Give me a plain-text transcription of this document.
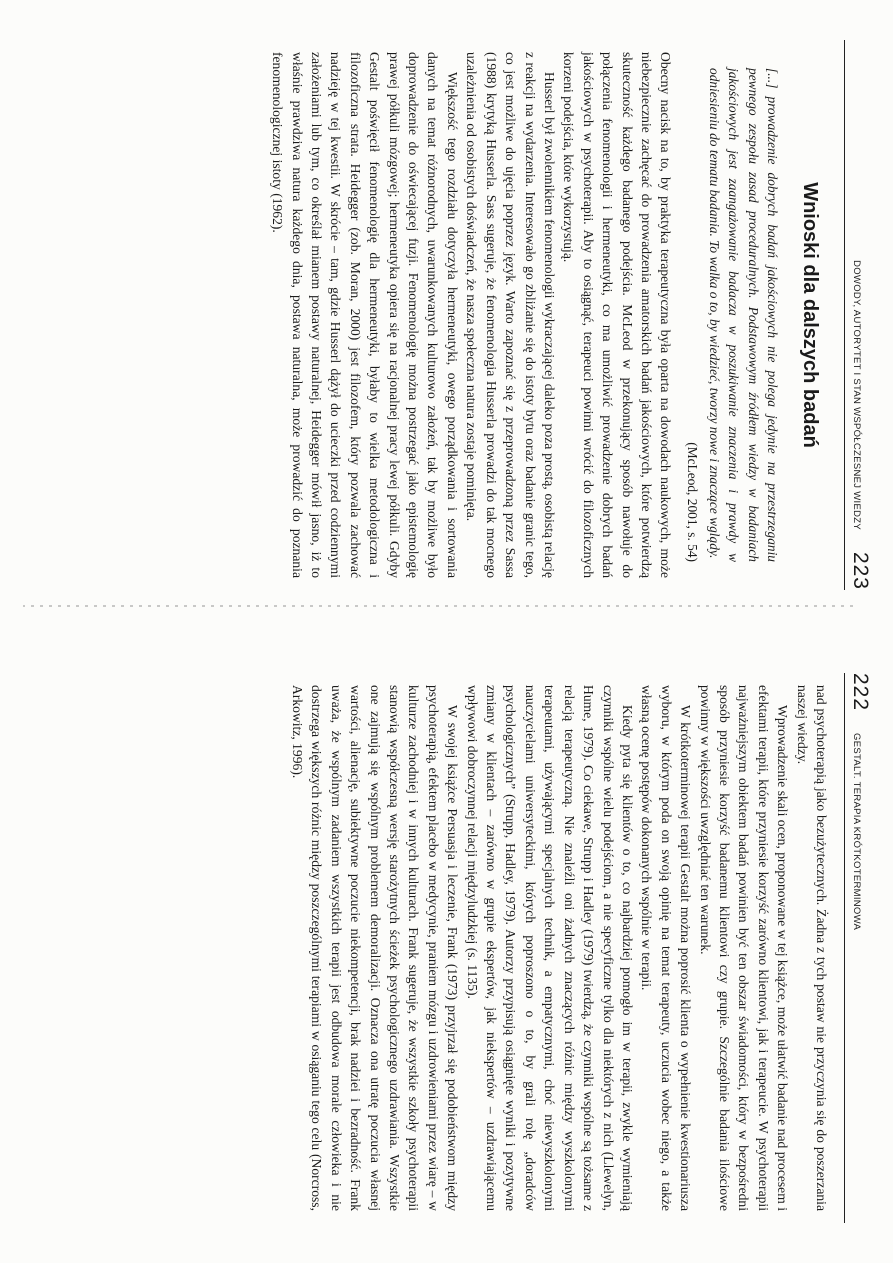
DOWODY, AUTORYTET I STAN WSPÓŁCZESNEJ WIEDZY
223
Wnioski dla dalszych badań
[...] prowadzenie dobrych badań jakościowych nie polega jedynie na przestrzeganiu pewnego zespołu zasad proceduralnych. Podstawowym źródłem wiedzy w badaniach jakościowych jest zaangażowanie badacza w poszukiwanie znaczenia i prawdy w odniesieniu do tematu badania. To walka o to, by wiedzieć, tworzy nowe i znaczące wglądy.
(McLeod, 2001, s. 54)

Obecny nacisk na to, by praktyka terapeutyczna była oparta na dowodach naukowych, może niebezpiecznie zachęcać do prowadzenia amatorskich badań jakościowych, które potwierdzą skuteczność każdego badanego podejścia. McLeod w przekonujący sposób nawołuje do połączenia fenomenologii i hermeneutyki, co ma umożliwić prowadzenie dobrych badań jakościowych w psychoterapii. Aby to osiągnąć, terapeuci powinni wrócić do filozoficznych korzeni podejścia, które wykorzystują.

Husserl był zwolennikiem fenomenologii wykraczającej daleko poza prostą, osobistą relację z reakcji na wydarzenia. Interesowało go zbliżanie się do istoty bytu oraz badanie granic tego, co jest możliwe do ujęcia poprzez język. Warto zapoznać się z przeprowadzoną przez Sassa (1988) krytyką Husserla. Sass sugeruje, że fenomenologia Husserla prowadzi do tak mocnego uzależnienia od osobistych doświadczeń, że nasza społeczna natura zostaje pominięta.

Większość tego rozdziału dotyczyła hermeneutyki, owego porządkowania i sortowania danych na temat różnorodnych, uwarunkowanych kulturowo założeń, tak by możliwe było doprowadzenie do oświecającej fuzji. Fenomenologię można postrzegać jako epistemologię prawej półkuli mózgowej; hermeneutyka opiera się na racjonalnej pracy lewej półkuli. Gdyby Gestalt poświęcił fenomenologię dla hermeneutyki, byłaby to wielka metodologiczna i filozoficzna strata. Heidegger (zob. Moran, 2000) jest filozofem, który pozwala zachować nadzieję w tej kwestii. W skrócie – tam, gdzie Husserl dążył do ucieczki przed codziennymi założeniami lub tym, co określał mianem postawy naturalnej, Heidegger mówił jasno, iż to właśnie prawdziwa natura każdego dnia, postawa naturalna, może prowadzić do poznania fenomenologicznej istoty (1962).

222
GESTALT. TERAPIA KRÓTKOTERMINOWA

nad psychoterapią jako bezużytecznych. Żadna z tych postaw nie przyczynia się do poszerzania naszej wiedzy.

Wprowadzenie skali ocen, proponowane w tej książce, może ułatwić badanie nad procesem i efektami terapii, które przyniesie korzyść zarówno klientowi, jak i terapeucie. W psychoterapii najważniejszym obiektem badań powinien być ten obszar świadomości, który w bezpośredni sposób przyniesie korzyść badanemu klientowi czy grupie. Szczególnie badania ilościowe powinny w większości uwzględniać ten warunek.

W krótkoterminowej terapii Gestalt można poprosić klienta o wypełnienie kwestionariusza wyboru, w którym poda on swoją opinię na temat terapeuty, uczucia wobec niego, a także własną ocenę postępów dokonanych wspólnie w terapii.

Kiedy pyta się klientów o to, co najbardziej pomogło im w terapii, zwykle wymieniają czynniki wspólne wielu podejściom, a nie specyficzne tylko dla niektórych z nich (Llewelyn, Hume, 1979). Co ciekawe, Strupp i Hadley (1979) twierdzą, że czynniki wspólne są tożsame z relacją terapeutyczną. Nie znaleźli oni żadnych znaczących różnic między wyszkolonymi terapeutami, używającymi specjalnych technik, a empatycznymi, choć niewyszkolonymi nauczycielami uniwersyteckimi, których poproszono o to, by grali rolę „doradców psychologicznych” (Strupp, Hadley, 1979). Autorzy przypisują osiągnięte wyniki i pozytywne zmiany w klientach – zarówno w grupie ekspertów, jak niekspertów – uzdrawiającemu wpływowi dobroczynnej relacji międzyludzkiej (s. 1135).

W swojej książce Persuasja i leczenie, Frank (1973) przyjrzał się podobieństwom między psychoterapią, efektem placebo w medycynie, praniem mózgu i uzdrowieniami przez wiarę – w kulturze zachodniej i w innych kulturach. Frank sugeruje, że wszystkie szkoły psychoterapii stanowią współczesną wersję starożytnych ścieżek psychologicznego uzdrawiania. Wszystkie one zajmują się wspólnym problemem demoralizacji. Oznacza ona utratę poczucia własnej wartości, alienację, subiektywne poczucie niekompetencji, brak nadziei i bezradność. Frank uważa, że wspólnym zadaniem wszystkich terapii jest odbudowa morale człowieka i nie dostrzega większych różnic między poszczególnymi terapiami w osiąganiu tego celu (Norcross, Arkowitz, 1996).
